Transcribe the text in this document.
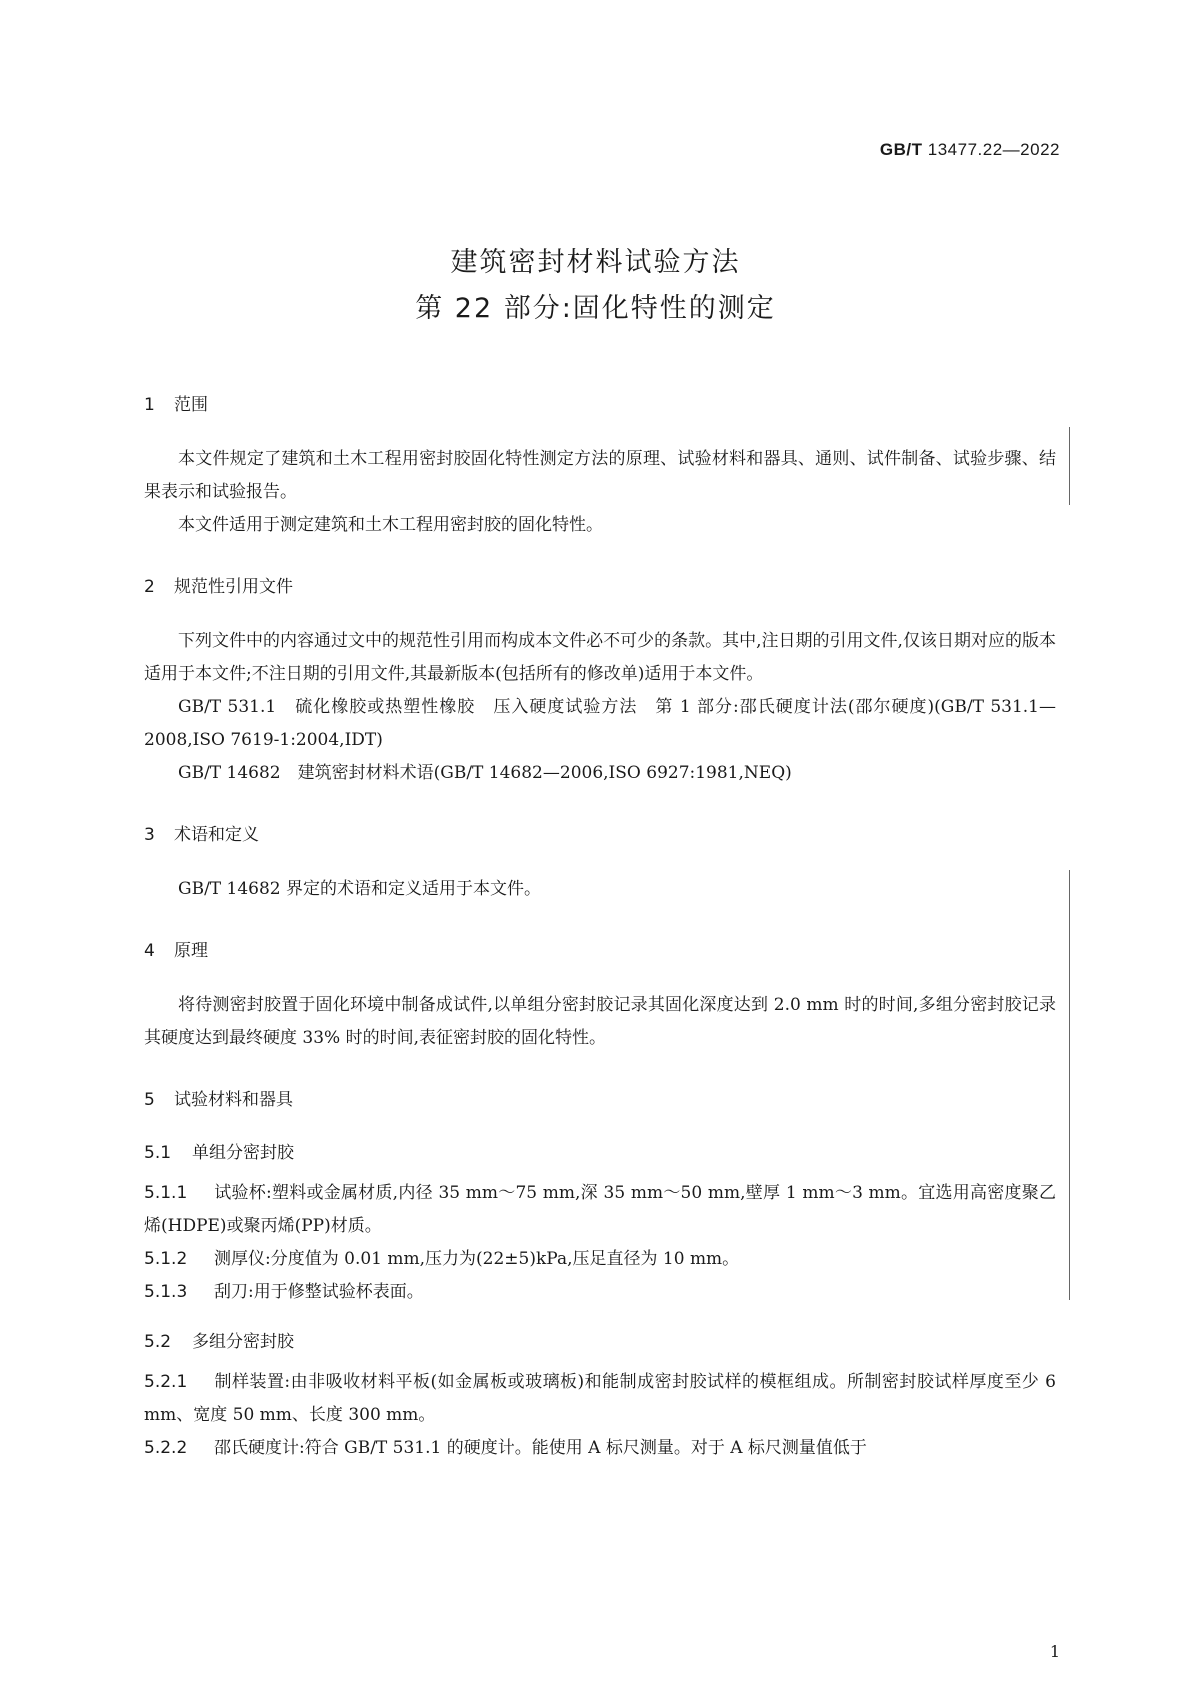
GB/T 13477.22—2022
建筑密封材料试验方法
第 22 部分:固化特性的测定
1 范围

本文件规定了建筑和土木工程用密封胶固化特性测定方法的原理、试验材料和器具、通则、试件制备、试验步骤、结果表示和试验报告。

本文件适用于测定建筑和土木工程用密封胶的固化特性。

2 规范性引用文件

下列文件中的内容通过文中的规范性引用而构成本文件必不可少的条款。其中,注日期的引用文件,仅该日期对应的版本适用于本文件;不注日期的引用文件,其最新版本(包括所有的修改单)适用于本文件。

GB/T 531.1　硫化橡胶或热塑性橡胶　压入硬度试验方法　第 1 部分:邵氏硬度计法(邵尔硬度)(GB/T 531.1—2008,ISO 7619-1:2004,IDT)

GB/T 14682　建筑密封材料术语(GB/T 14682—2006,ISO 6927:1981,NEQ)

3 术语和定义

GB/T 14682 界定的术语和定义适用于本文件。

4 原理

将待测密封胶置于固化环境中制备成试件,以单组分密封胶记录其固化深度达到 2.0 mm 时的时间,多组分密封胶记录其硬度达到最终硬度 33% 时的时间,表征密封胶的固化特性。

5 试验材料和器具
5.1 单组分密封胶

5.1.1 试验杯:塑料或金属材质,内径 35 mm～75 mm,深 35 mm～50 mm,壁厚 1 mm～3 mm。宜选用高密度聚乙烯(HDPE)或聚丙烯(PP)材质。

5.1.2 测厚仪:分度值为 0.01 mm,压力为(22±5)kPa,压足直径为 10 mm。

5.1.3 刮刀:用于修整试验杯表面。

5.2 多组分密封胶

5.2.1 制样装置:由非吸收材料平板(如金属板或玻璃板)和能制成密封胶试样的模框组成。所制密封胶试样厚度至少 6 mm、宽度 50 mm、长度 300 mm。

5.2.2 邵氏硬度计:符合 GB/T 531.1 的硬度计。能使用 A 标尺测量。对于 A 标尺测量值低于

1
